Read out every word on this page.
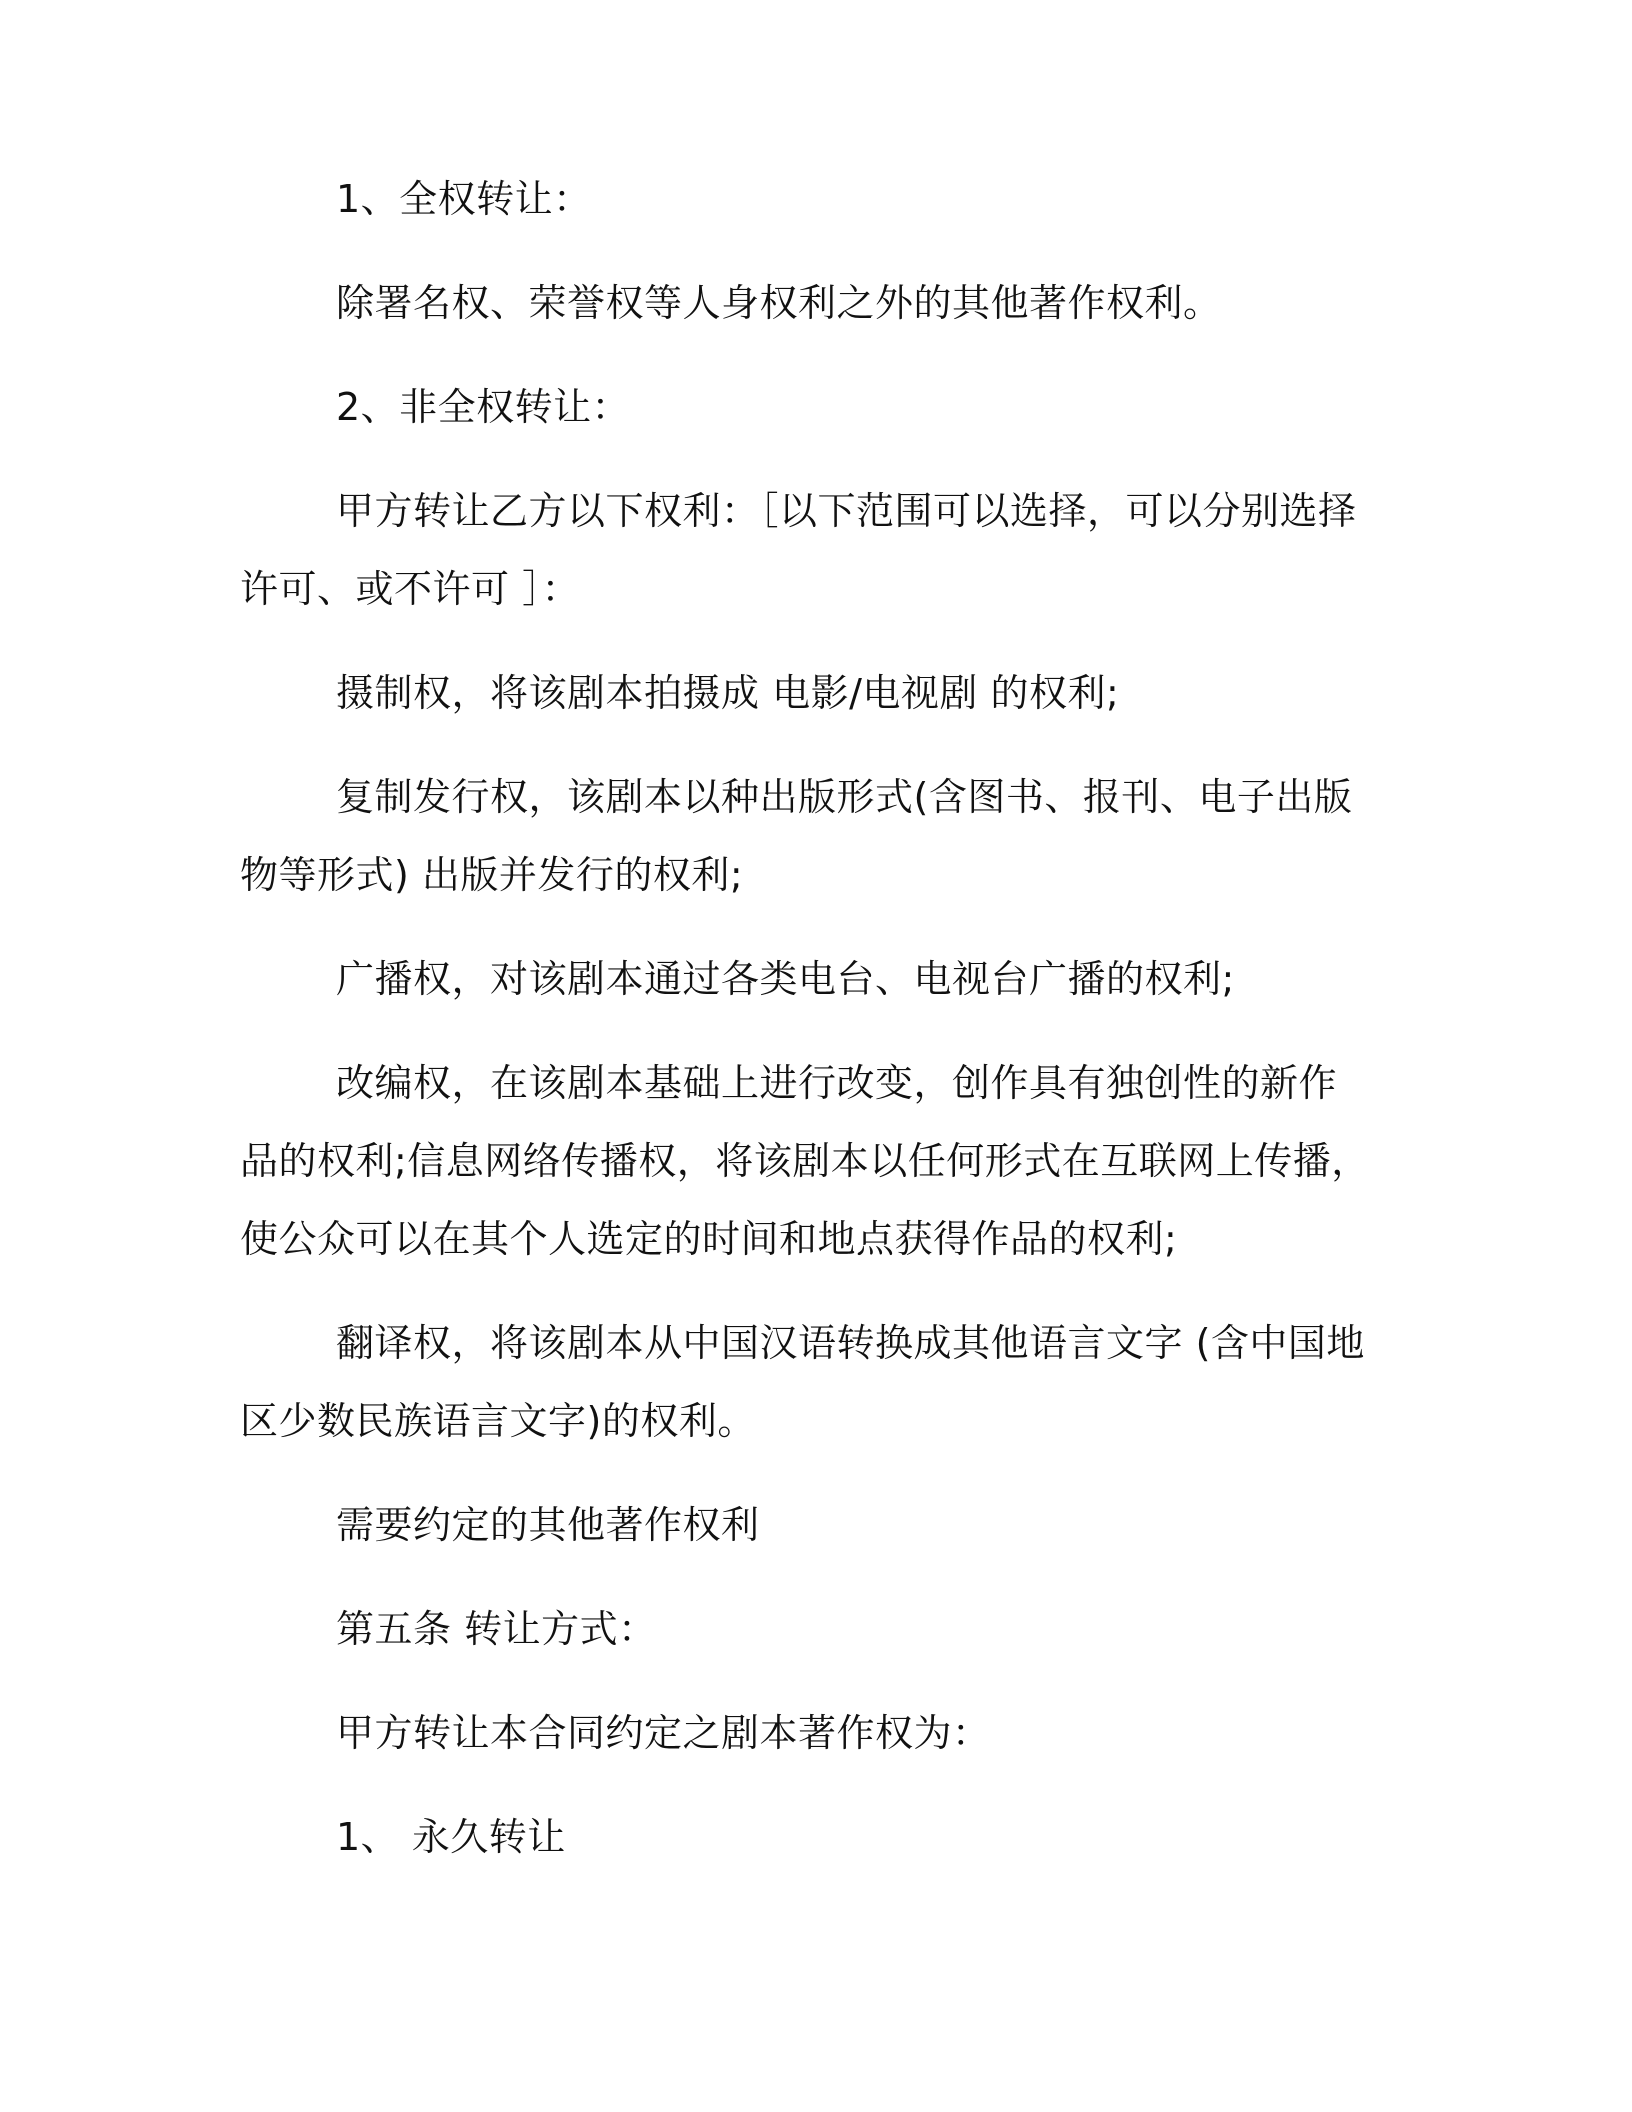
1、全权转让：

除署名权、荣誉权等人身权利之外的其他著作权利。

2、非全权转让：

甲方转让乙方以下权利：［以下范围可以选择，可以分别选择许可、或不许可 ］：

摄制权，将该剧本拍摄成 电影/电视剧 的权利;

复制发行权，该剧本以种出版形式(含图书、报刊、电子出版物等形式) 出版并发行的权利;

广播权，对该剧本通过各类电台、电视台广播的权利;

改编权，在该剧本基础上进行改变，创作具有独创性的新作品的权利;信息网络传播权，将该剧本以任何形式在互联网上传播，使公众可以在其个人选定的时间和地点获得作品的权利;

翻译权，将该剧本从中国汉语转换成其他语言文字 (含中国地区少数民族语言文字)的权利。

需要约定的其他著作权利

第五条 转让方式：

甲方转让本合同约定之剧本著作权为：

1、 永久转让
